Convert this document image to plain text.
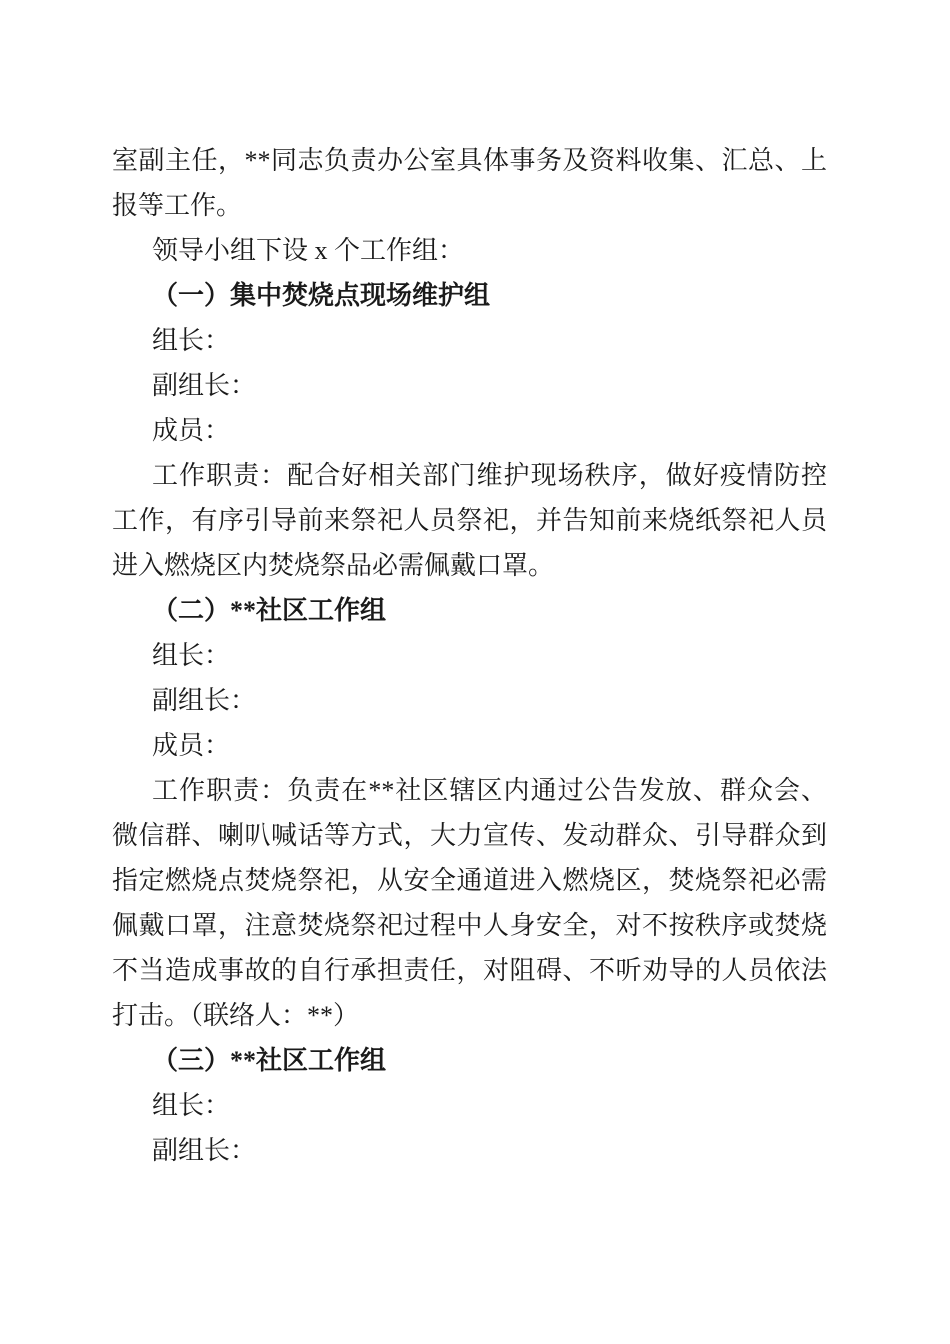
室副主任，**同志负责办公室具体事务及资料收集、汇总、上报等工作。

领导小组下设 x 个工作组：

（一）集中焚烧点现场维护组

组长：

副组长：

成员：

工作职责：配合好相关部门维护现场秩序，做好疫情防控工作，有序引导前来祭祀人员祭祀，并告知前来烧纸祭祀人员进入燃烧区内焚烧祭品必需佩戴口罩。

（二）**社区工作组

组长：

副组长：

成员：

工作职责：负责在**社区辖区内通过公告发放、群众会、微信群、喇叭喊话等方式，大力宣传、发动群众、引导群众到指定燃烧点焚烧祭祀，从安全通道进入燃烧区，焚烧祭祀必需佩戴口罩，注意焚烧祭祀过程中人身安全，对不按秩序或焚烧不当造成事故的自行承担责任，对阻碍、不听劝导的人员依法打击。（联络人：**）

（三）**社区工作组

组长：

副组长：
